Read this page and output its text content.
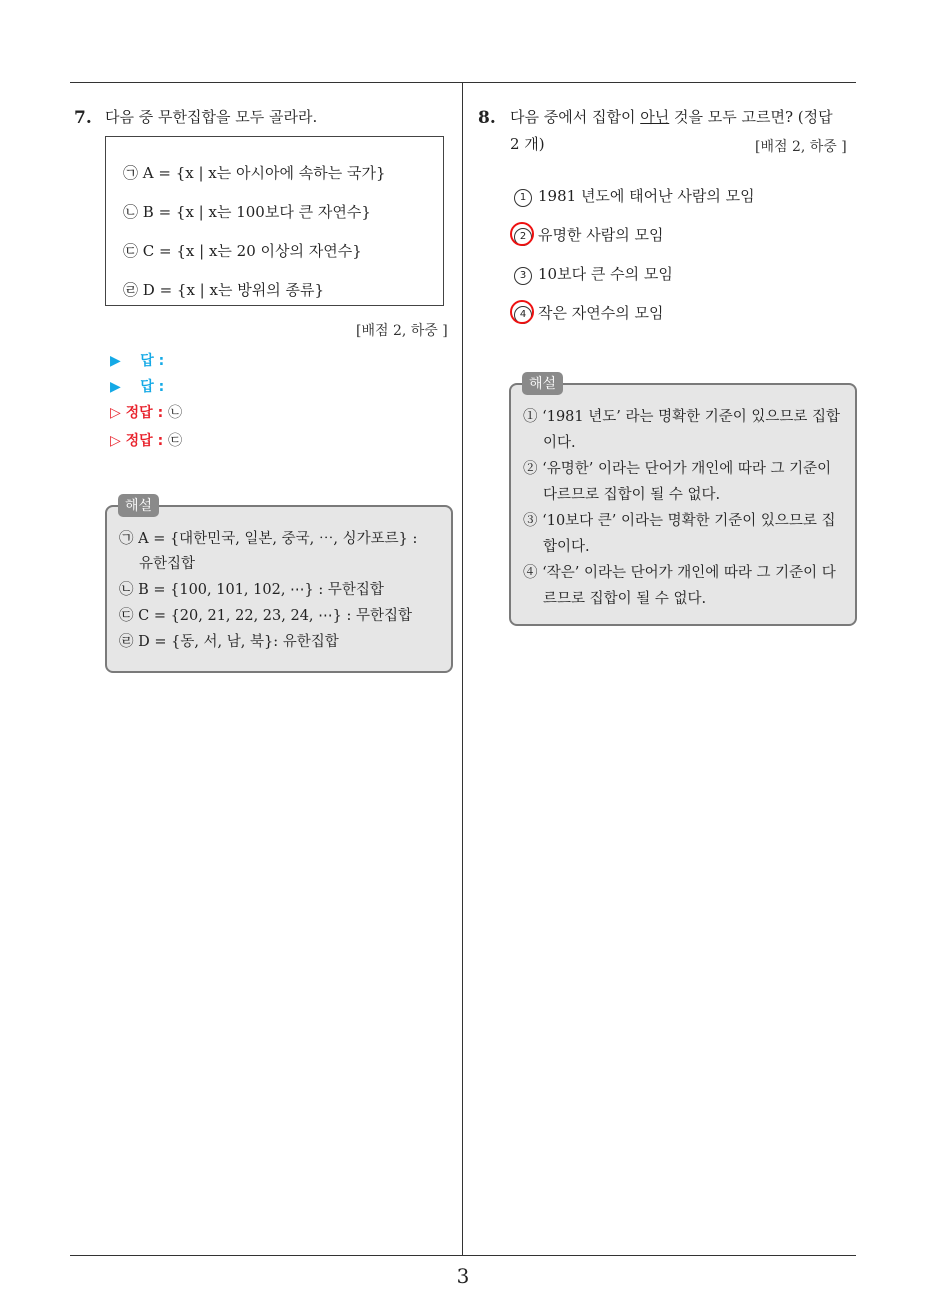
3
7. 다음 중 무한집합을 모두 골라라.
㉠ A = {x | x는 아시아에 속하는 국가}
㉡ B = {x | x는 100보다 큰 자연수}
㉢ C = {x | x는 20 이상의 자연수}
㉣ D = {x | x는 방위의 종류}
[배점 2, 하중 ]
▶ 답 :
▶ 답 :
▷ 정답 : ㉡
▷ 정답 : ㉢
㉠ A = {대한민국, 일본, 중국, ⋯, 싱가포르} :
유한집합
㉡ B = {100, 101, 102, ⋯} : 무한집합
㉢ C = {20, 21, 22, 23, 24, ⋯} : 무한집합
㉣ D = {동, 서, 남, 북}: 유한집합
해설
8. 다음 중에서 집합이 아닌 것을 모두 고르면? (정답
2 개)	[배점 2, 하중 ]
1 1981 년도에 태어난 사람의 모임
2 유명한 사람의 모임
3 10보다 큰 수의 모임
4 작은 자연수의 모임
① ‘1981 년도’ 라는 명확한 기준이 있으므로 집합
이다.
② ‘유명한’ 이라는 단어가 개인에 따라 그 기준이
다르므로 집합이 될 수 없다.
③ ‘10보다 큰’ 이라는 명확한 기준이 있으므로 집
합이다.
④ ‘작은’ 이라는 단어가 개인에 따라 그 기준이 다
르므로 집합이 될 수 없다.
해설
